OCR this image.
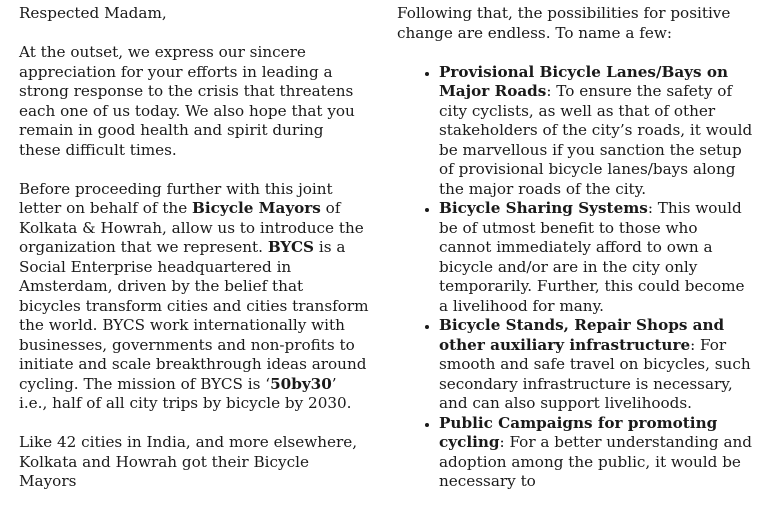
Respected Madam,

At the outset, we express our sincere appreciation for your efforts in leading a strong response to the crisis that threatens each one of us today. We also hope that you remain in good health and spirit during these difficult times.

Before proceeding further with this joint letter on behalf of the Bicycle Mayors of Kolkata & Howrah, allow us to introduce the organization that we represent. BYCS is a Social Enterprise headquartered in Amsterdam, driven by the belief that bicycles transform cities and cities transform the world. BYCS work internationally with businesses, governments and non-profits to initiate and scale breakthrough ideas around cycling. The mission of BYCS is ‘50by30’ i.e., half of all city trips by bicycle by 2030.

Like 42 cities in India, and more elsewhere,
Kolkata and Howrah got their Bicycle Mayors

Following that, the possibilities for positive change are endless. To name a few:

• Provisional Bicycle Lanes/Bays on Major Roads: To ensure the safety of city cyclists, as well as that of other stakeholders of the city’s roads, it would be marvellous if you sanction the setup of provisional bicycle lanes/bays along the major roads of the city.
• Bicycle Sharing Systems: This would be of utmost benefit to those who cannot immediately afford to own a bicycle and/or are in the city only temporarily. Further, this could become a livelihood for many.
• Bicycle Stands, Repair Shops and other auxiliary infrastructure: For smooth and safe travel on bicycles, such secondary infrastructure is necessary, and can also support livelihoods.
• Public Campaigns for promoting cycling: For a better understanding and adoption among the public, it would be necessary to
